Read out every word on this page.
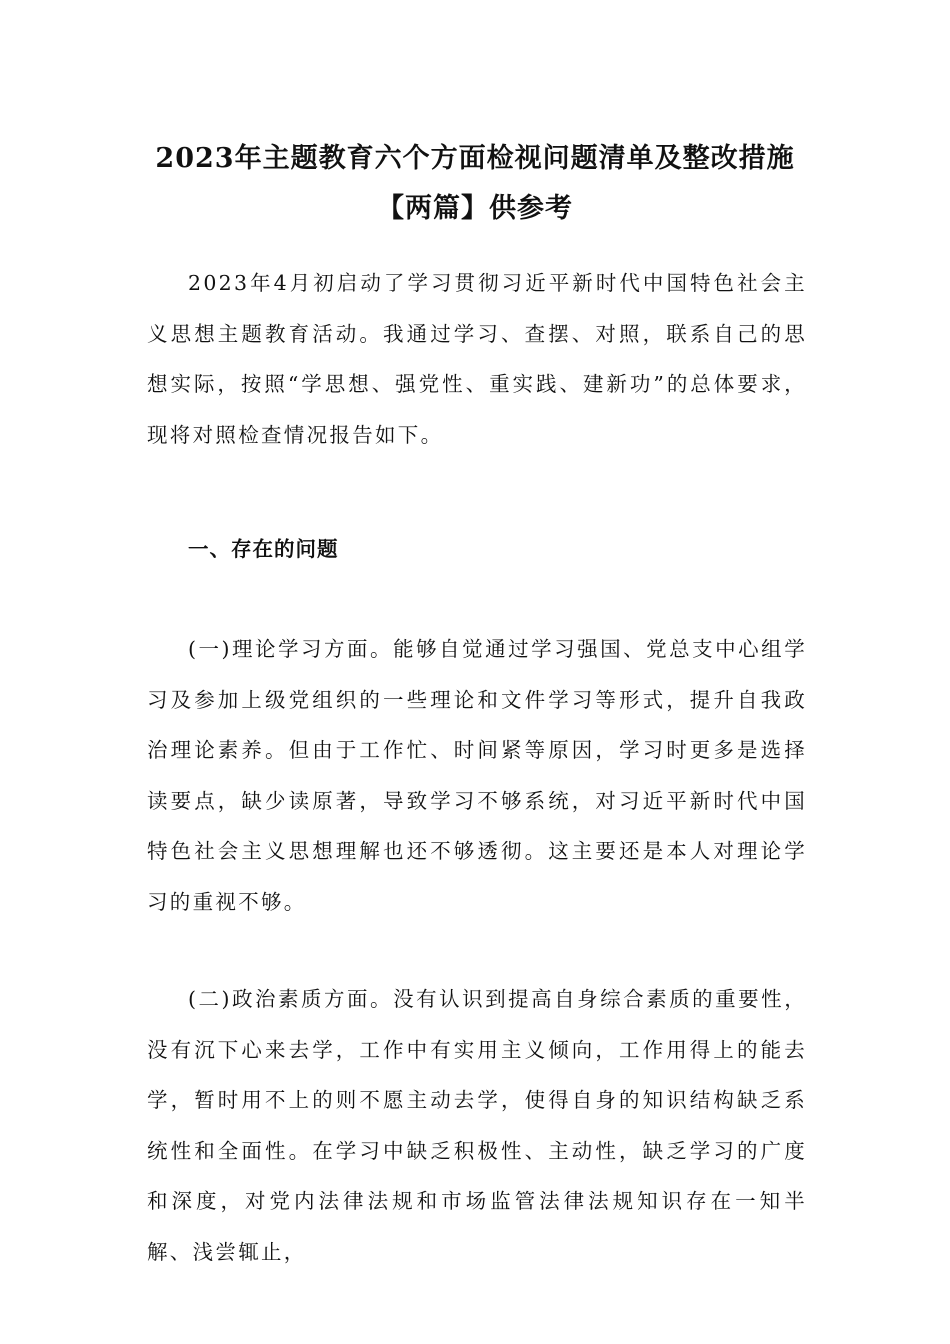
2023年主题教育六个方面检视问题清单及整改措施
【两篇】供参考

2023年4月初启动了学习贯彻习近平新时代中国特色社会主义思想主题教育活动。我通过学习、查摆、对照，联系自己的思想实际，按照“学思想、强党性、重实践、建新功”的总体要求，现将对照检查情况报告如下。

一、存在的问题

(一)理论学习方面。能够自觉通过学习强国、党总支中心组学习及参加上级党组织的一些理论和文件学习等形式，提升自我政治理论素养。但由于工作忙、时间紧等原因，学习时更多是选择读要点，缺少读原著，导致学习不够系统，对习近平新时代中国特色社会主义思想理解也还不够透彻。这主要还是本人对理论学习的重视不够。

(二)政治素质方面。没有认识到提高自身综合素质的重要性，没有沉下心来去学，工作中有实用主义倾向，工作用得上的能去学，暂时用不上的则不愿主动去学，使得自身的知识结构缺乏系统性和全面性。在学习中缺乏积极性、主动性，缺乏学习的广度和深度，对党内法律法规和市场监管法律法规知识存在一知半解、浅尝辄止，
